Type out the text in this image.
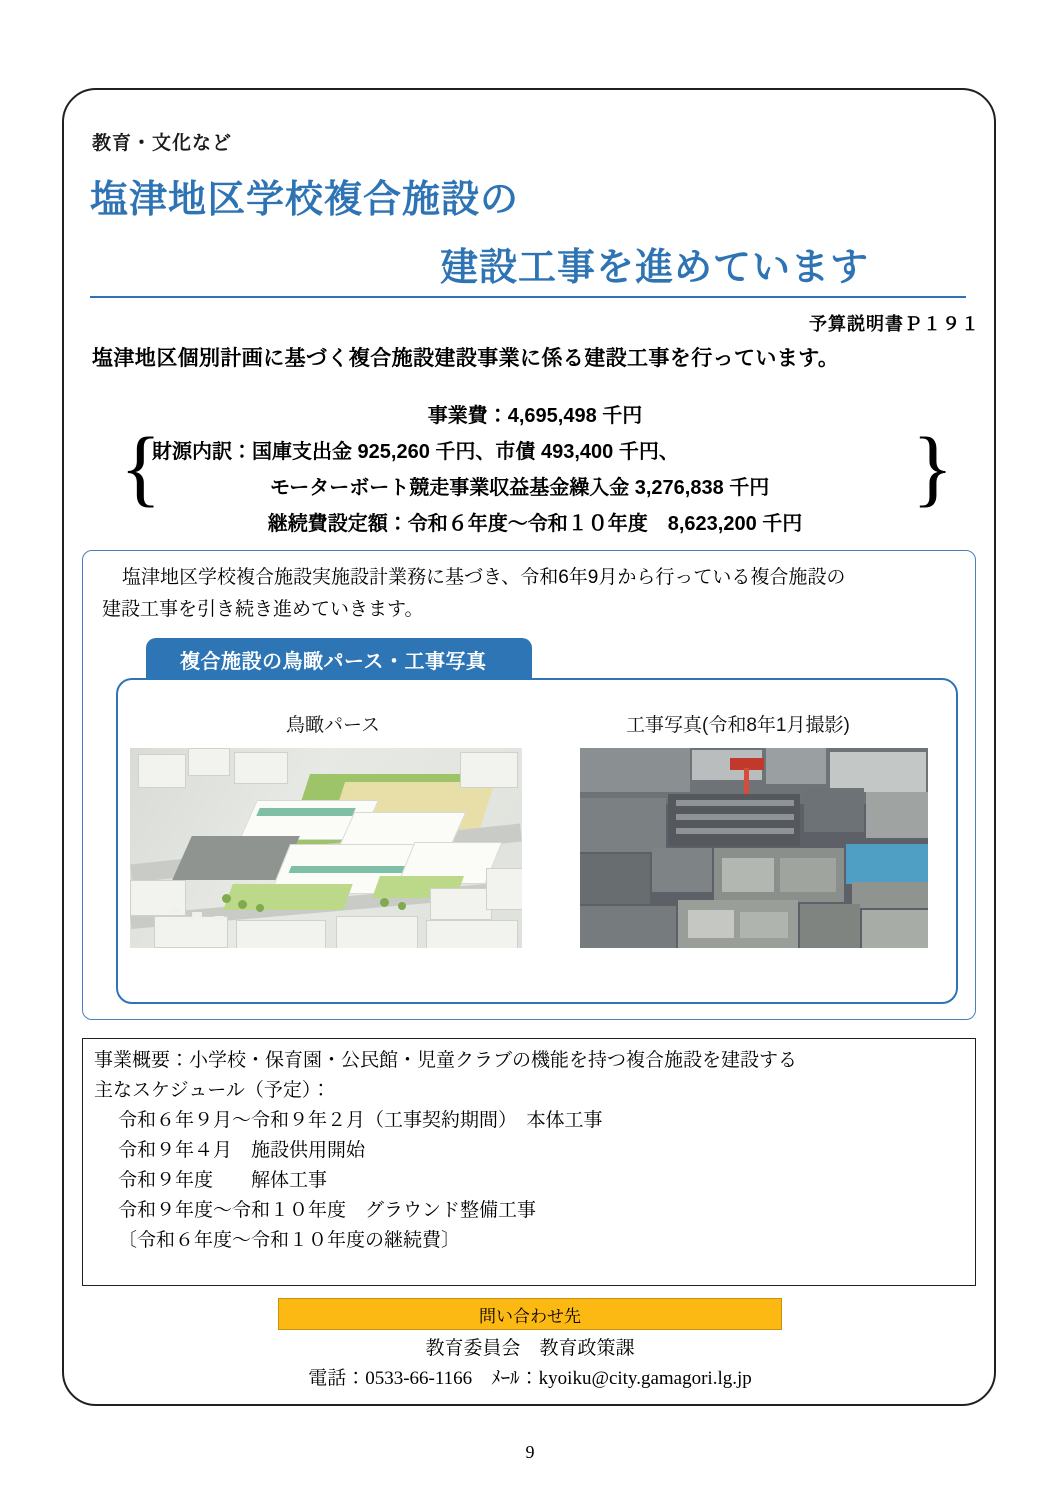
教育・文化など
塩津地区学校複合施設の
建設工事を進めています
予算説明書Ｐ１９１
塩津地区個別計画に基づく複合施設建設事業に係る建設工事を行っています。
事業費：4,695,498 千円
財源内訳：国庫支出金 925,260 千円、市債 493,400 千円、
モーターボート競走事業収益基金繰入金 3,276,838 千円
継続費設定額：令和６年度～令和１０年度　8,623,200 千円
{	}
塩津地区学校複合施設実施設計業務に基づき、令和6年9月から行っている複合施設の
建設工事を引き続き進めていきます。
複合施設の鳥瞰パース・工事写真
鳥瞰パース	工事写真(令和8年1月撮影)
事業概要：小学校・保育園・公民館・児童クラブの機能を持つ複合施設を建設する
主なスケジュール（予定）：
令和６年９月～令和９年２月（工事契約期間）　本体工事
令和９年４月　施設供用開始
令和９年度　　解体工事
令和９年度～令和１０年度　グラウンド整備工事
〔令和６年度～令和１０年度の継続費〕
問い合わせ先
教育委員会　教育政策課
電話：0533-66-1166　ﾒｰﾙ：kyoiku@city.gamagori.lg.jp
9
